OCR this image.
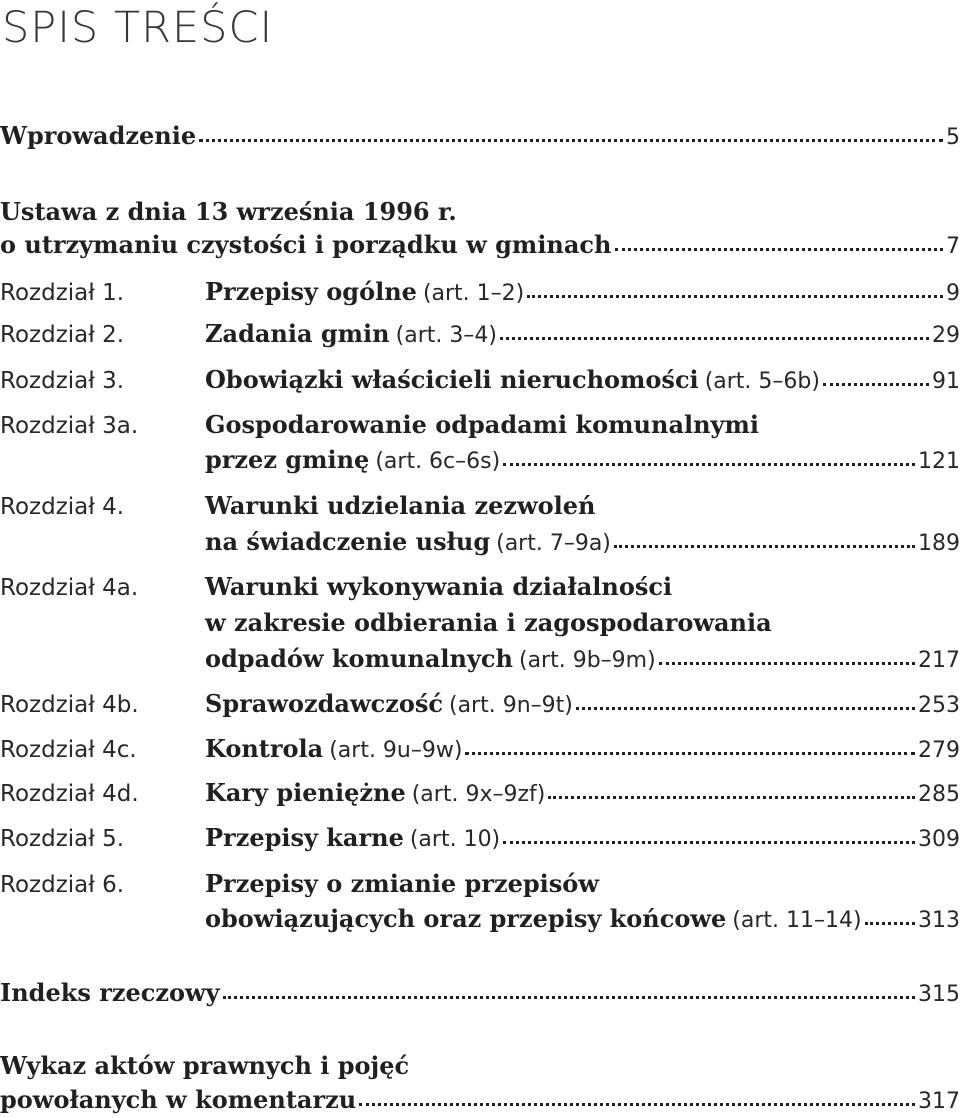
SPIS TREŚCI
Wprowadzenie	5
Ustawa z dnia 13 września 1996 r.
o utrzymaniu czystości i porządku w gminach	7
Rozdział 1.	Przepisy ogólne (art. 1–2)	9
Rozdział 2.	Zadania gmin (art. 3–4)	29
Rozdział 3.	Obowiązki właścicieli nieruchomości (art. 5–6b)	91
Rozdział 3a.	Gospodarowanie odpadami komunalnymi
przez gminę (art. 6c–6s)	121
Rozdział 4.	Warunki udzielania zezwoleń
na świadczenie usług (art. 7–9a)	189
Rozdział 4a.	Warunki wykonywania działalności
w zakresie odbierania i zagospodarowania
odpadów komunalnych (art. 9b–9m)	217
Rozdział 4b.	Sprawozdawczość (art. 9n–9t)	253
Rozdział 4c.	Kontrola (art. 9u–9w)	279
Rozdział 4d.	Kary pieniężne (art. 9x–9zf)	285
Rozdział 5.	Przepisy karne (art. 10)	309
Rozdział 6.	Przepisy o zmianie przepisów
obowiązujących oraz przepisy końcowe (art. 11–14)	313
Indeks rzeczowy	315
Wykaz aktów prawnych i pojęć
powołanych w komentarzu	317
